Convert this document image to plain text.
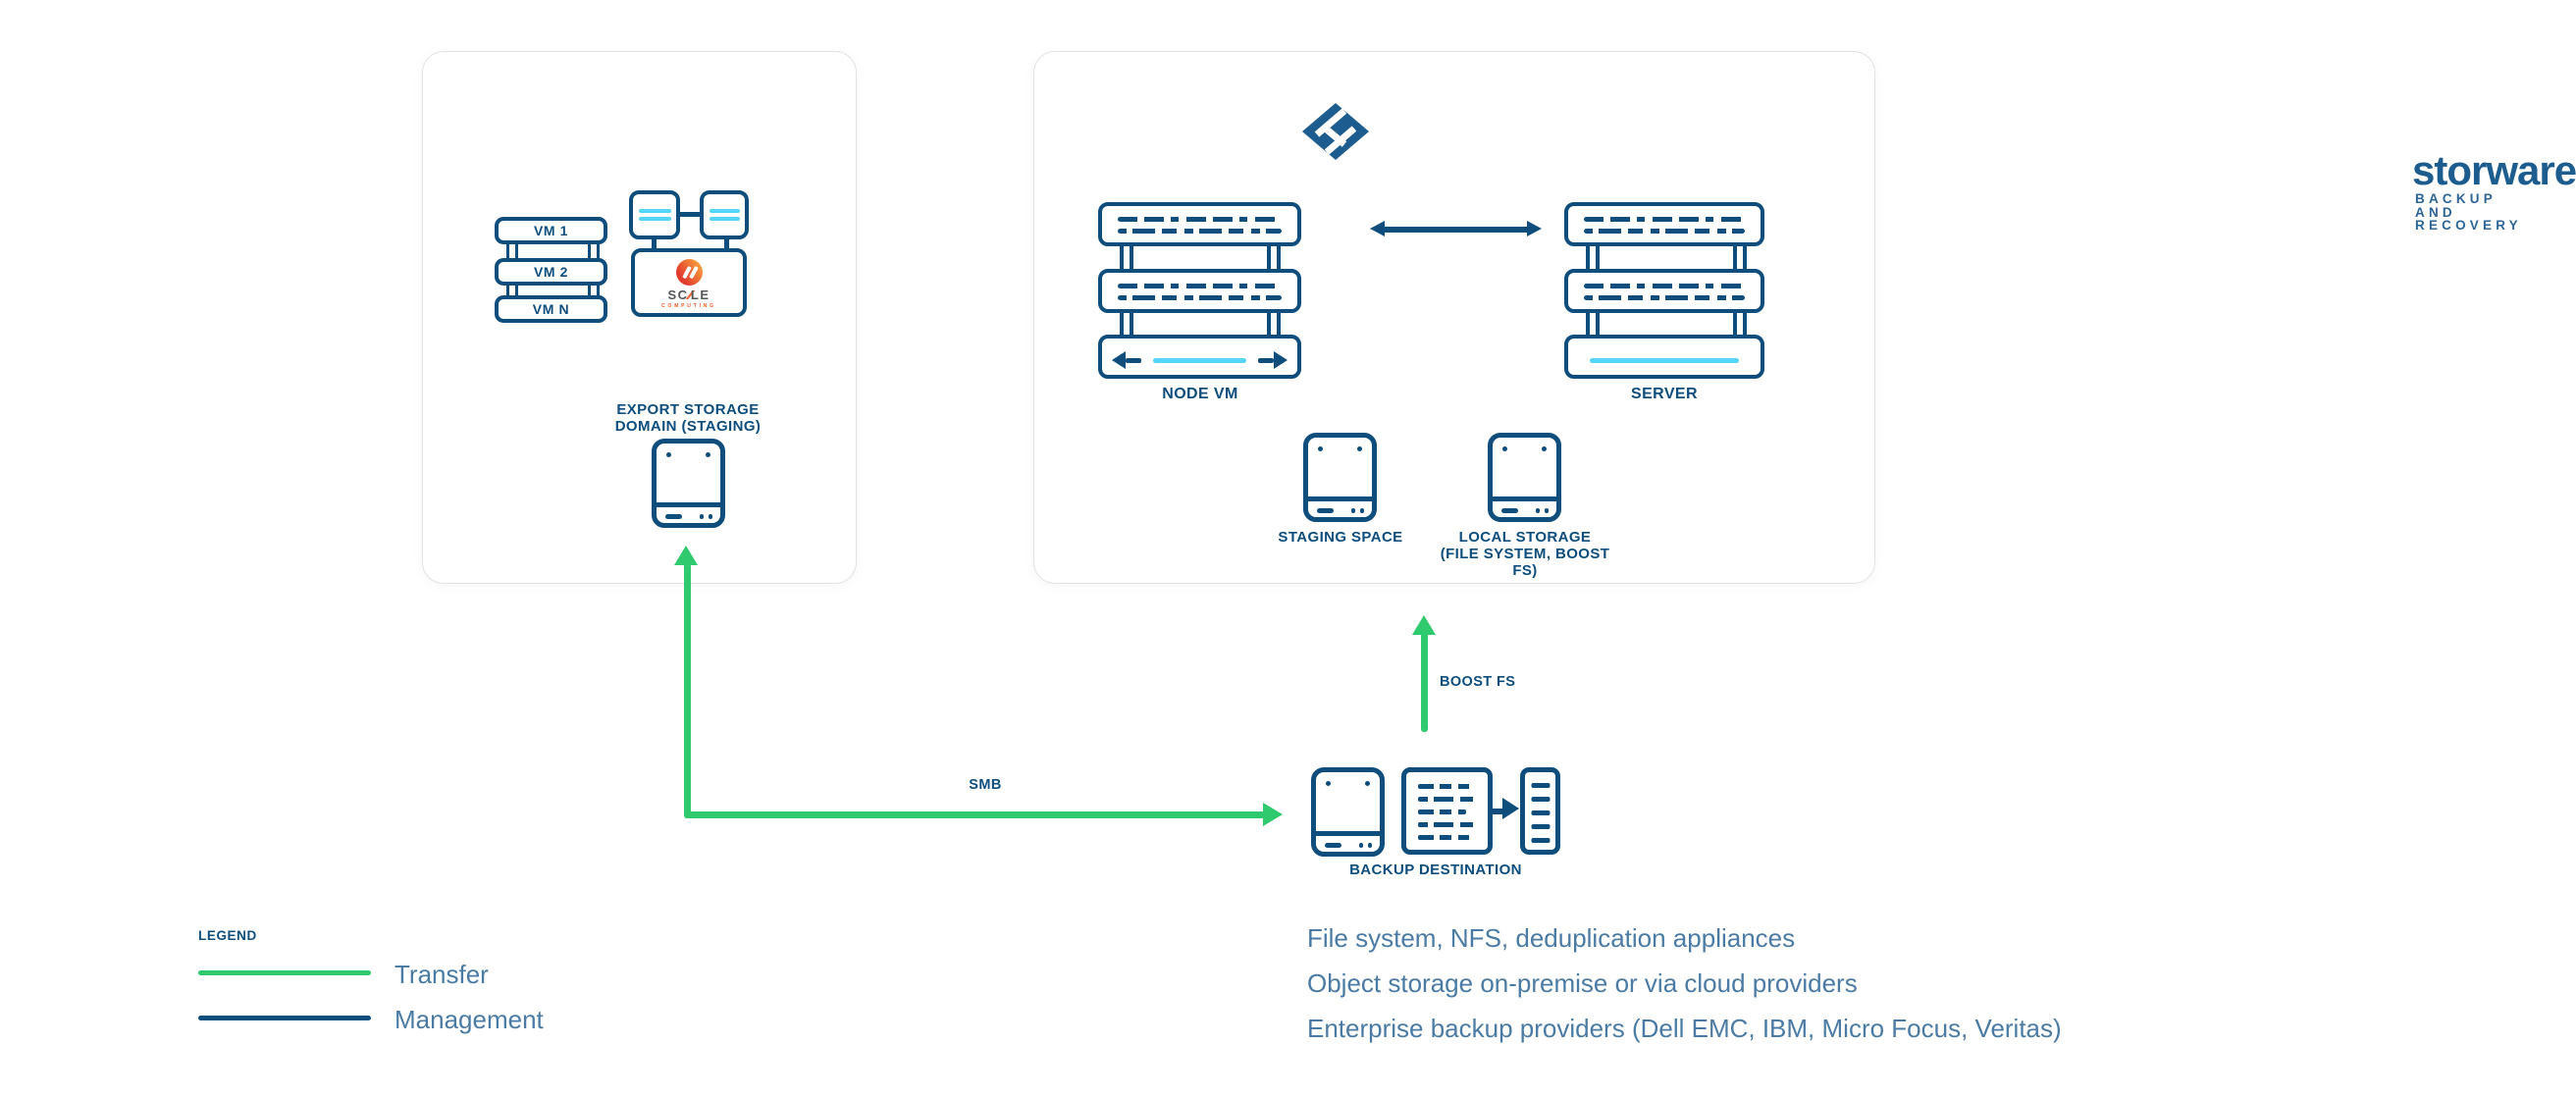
VM 1
VM 2
VM N
SC∕∕LE
COMPUTING
EXPORT STORAGE
DOMAIN (STAGING)
storware
BACKUP AND RECOVERY
NODE VM	SERVER
STAGING SPACE	LOCAL STORAGE
(FILE SYSTEM, BOOST FS)
SMB
BOOST FS
BACKUP DESTINATION
LEGEND
Transfer
Management
File system, NFS, deduplication appliances
Object storage on-premise or via cloud providers
Enterprise backup providers (Dell EMC, IBM, Micro Focus, Veritas)
